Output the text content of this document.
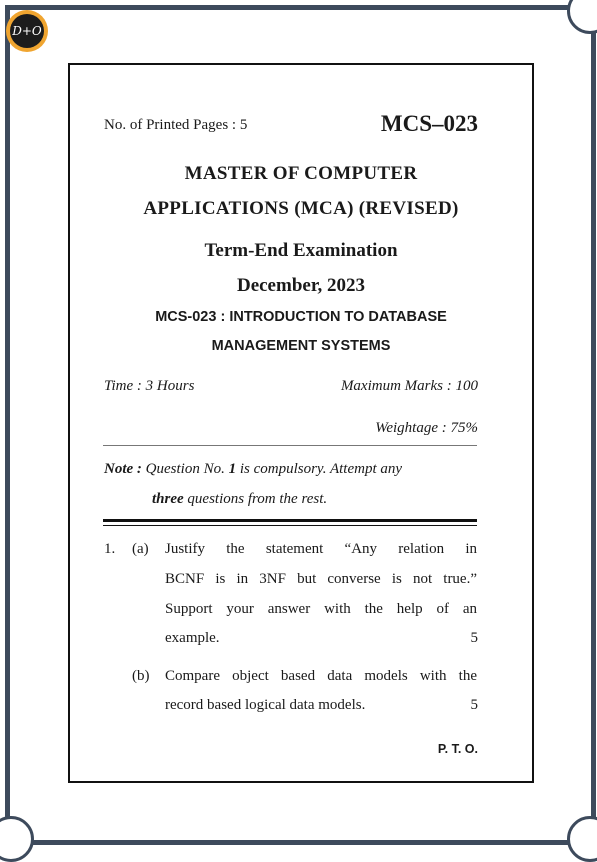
D+O
No. of Printed Pages : 5	MCS–023
MASTER OF COMPUTER
APPLICATIONS (MCA) (REVISED)
Term-End Examination
December, 2023
MCS-023 : INTRODUCTION TO DATABASE
MANAGEMENT SYSTEMS
Time : 3 Hours	Maximum Marks : 100
Weightage : 75%
Note : Question No. 1 is compulsory. Attempt any
three questions from the rest.
1. (a) Justify the statement “Any relation in
BCNF is in 3NF but converse is not true.”
Support your answer with the help of an
example.	5
(b) Compare object based data models with the
record based logical data models.	5
P. T. O.
